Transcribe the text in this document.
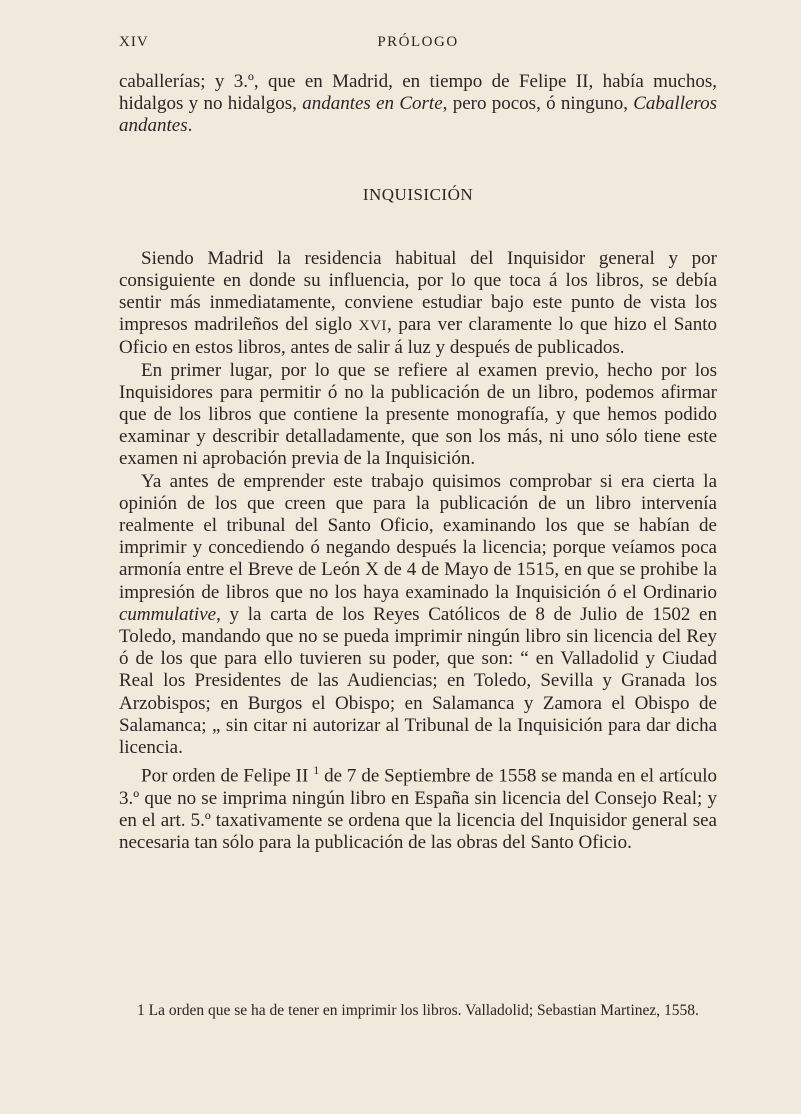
XIV	PRÓLOGO

caballerías; y 3.º, que en Madrid, en tiempo de Felipe II, había muchos, hidalgos y no hidalgos, andantes en Corte, pero pocos, ó ninguno, Caballeros andantes.

INQUISICIÓN

Siendo Madrid la residencia habitual del Inquisidor general y por consiguiente en donde su influencia, por lo que toca á los libros, se debía sentir más inmediatamente, conviene estudiar bajo este punto de vista los impresos madrileños del siglo XVI, para ver claramente lo que hizo el Santo Oficio en estos libros, antes de salir á luz y después de publicados.

En primer lugar, por lo que se refiere al examen previo, hecho por los Inquisidores para permitir ó no la publicación de un libro, podemos afirmar que de los libros que contiene la presente monografía, y que hemos podido examinar y describir detalladamente, que son los más, ni uno sólo tiene este examen ni aprobación previa de la Inquisición.

Ya antes de emprender este trabajo quisimos comprobar si era cierta la opinión de los que creen que para la publicación de un libro intervenía realmente el tribunal del Santo Oficio, examinando los que se habían de imprimir y concediendo ó negando después la licencia; porque veíamos poca armonía entre el Breve de León X de 4 de Mayo de 1515, en que se prohibe la impresión de libros que no los haya examinado la Inquisición ó el Ordinario cummulative, y la carta de los Reyes Católicos de 8 de Julio de 1502 en Toledo, mandando que no se pueda imprimir ningún libro sin licencia del Rey ó de los que para ello tuvieren su poder, que son: “ en Valladolid y Ciudad Real los Presidentes de las Audiencias; en Toledo, Sevilla y Granada los Arzobispos; en Burgos el Obispo; en Salamanca y Zamora el Obispo de Salamanca; „ sin citar ni autorizar al Tribunal de la Inquisición para dar dicha licencia.

Por orden de Felipe II $^1$ de 7 de Septiembre de 1558 se manda en el artículo 3.º que no se imprima ningún libro en España sin licencia del Consejo Real; y en el art. 5.º taxativamente se ordena que la licencia del Inquisidor general sea necesaria tan sólo para la publicación de las obras del Santo Oficio.

1 La orden que se ha de tener en imprimir los libros. Valladolid; Sebastian Martinez, 1558.
